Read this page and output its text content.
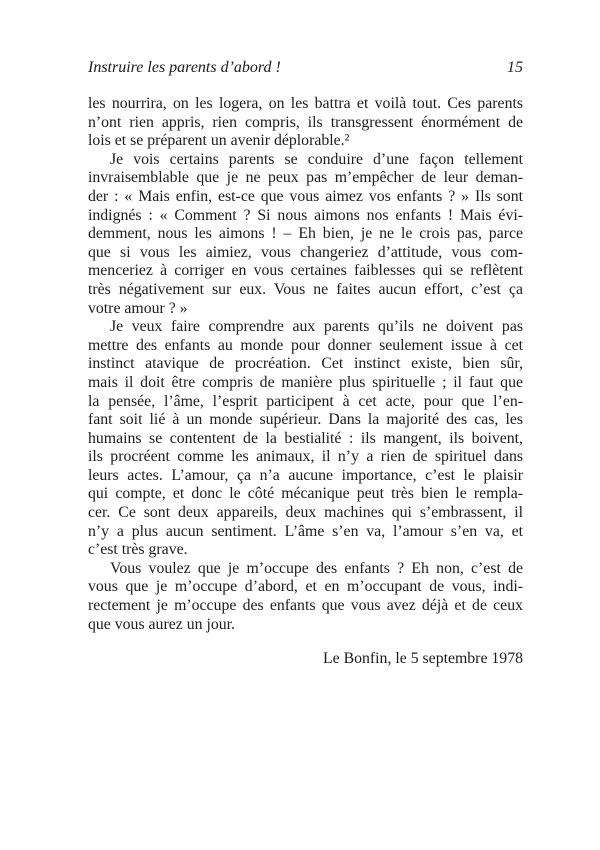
Instruire les parents d’abord !	15
les nourrira, on les logera, on les battra et voilà tout. Ces parents
n’ont rien appris, rien compris, ils transgressent énormément de
lois et se préparent un avenir déplorable.²
Je vois certains parents se conduire d’une façon tellement
invraisemblable que je ne peux pas m’empêcher de leur deman-
der : « Mais enfin, est-ce que vous aimez vos enfants ? » Ils sont
indignés : « Comment ? Si nous aimons nos enfants ! Mais évi-
demment, nous les aimons ! – Eh bien, je ne le crois pas, parce
que si vous les aimiez, vous changeriez d’attitude, vous com-
menceriez à corriger en vous certaines faiblesses qui se reflètent
très négativement sur eux. Vous ne faites aucun effort, c’est ça
votre amour ? »
Je veux faire comprendre aux parents qu’ils ne doivent pas
mettre des enfants au monde pour donner seulement issue à cet
instinct atavique de procréation. Cet instinct existe, bien sûr,
mais il doit être compris de manière plus spirituelle ; il faut que
la pensée, l’âme, l’esprit participent à cet acte, pour que l’en-
fant soit lié à un monde supérieur. Dans la majorité des cas, les
humains se contentent de la bestialité : ils mangent, ils boivent,
ils procréent comme les animaux, il n’y a rien de spirituel dans
leurs actes. L’amour, ça n’a aucune importance, c’est le plaisir
qui compte, et donc le côté mécanique peut très bien le rempla-
cer. Ce sont deux appareils, deux machines qui s’embrassent, il
n’y a plus aucun sentiment. L’âme s’en va, l’amour s’en va, et
c’est très grave.
Vous voulez que je m’occupe des enfants ? Eh non, c’est de
vous que je m’occupe d’abord, et en m’occupant de vous, indi-
rectement je m’occupe des enfants que vous avez déjà et de ceux
que vous aurez un jour.
Le Bonfin, le 5 septembre 1978
